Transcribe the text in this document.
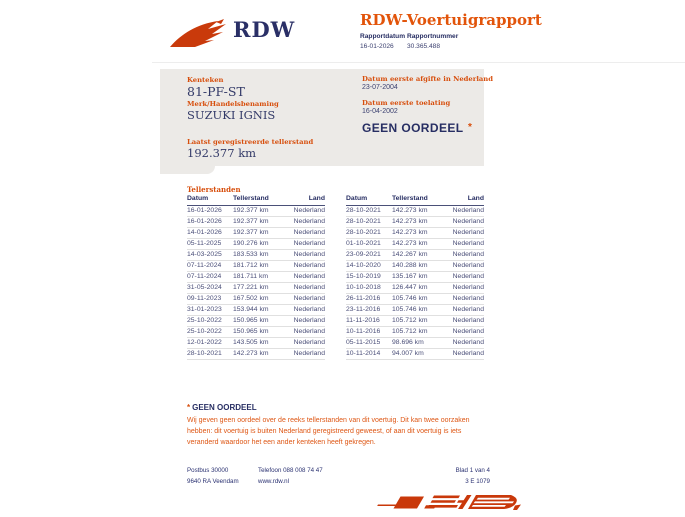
RDW	RDW-Voertuigrapport
Rapportdatum
16-01-2026
Rapportnummer
30.365.488
Kenteken
81-PF-ST
Merk/Handelsbenaming
SUZUKI IGNIS
Laatst geregistreerde tellerstand
192.377 km
Datum eerste afgifte in Nederland
23-07-2004
Datum eerste toelating
16-04-2002
GEEN OORDEEL *
Tellerstanden
Datum	Tellerstand	Land
16-01-2026	192.377 km	Nederland
16-01-2026	192.377 km	Nederland
14-01-2026	192.377 km	Nederland
05-11-2025	190.276 km	Nederland
14-03-2025	183.533 km	Nederland
07-11-2024	181.712 km	Nederland
07-11-2024	181.711 km	Nederland
31-05-2024	177.221 km	Nederland
09-11-2023	167.502 km	Nederland
31-01-2023	153.944 km	Nederland
25-10-2022	150.965 km	Nederland
25-10-2022	150.965 km	Nederland
12-01-2022	143.505 km	Nederland
28-10-2021	142.273 km	Nederland
Datum	Tellerstand	Land
28-10-2021	142.273 km	Nederland
28-10-2021	142.273 km	Nederland
28-10-2021	142.273 km	Nederland
01-10-2021	142.273 km	Nederland
23-09-2021	142.267 km	Nederland
14-10-2020	140.288 km	Nederland
15-10-2019	135.167 km	Nederland
10-10-2018	126.447 km	Nederland
26-11-2016	105.746 km	Nederland
23-11-2016	105.746 km	Nederland
11-11-2016	105.712 km	Nederland
10-11-2016	105.712 km	Nederland
05-11-2015	98.696 km	Nederland
10-11-2014	94.007 km	Nederland
* GEEN OORDEEL
Wij geven geen oordeel over de reeks tellerstanden van dit voertuig. Dit kan twee oorzaken hebben: dit voertuig is buiten Nederland geregistreerd geweest, of aan dit voertuig is iets veranderd waardoor het een ander kenteken heeft gekregen.
Postbus 30000
9640 RA Veendam
Telefoon 088 008 74 47
www.rdw.nl
Blad 1 van 4
3 E 1079
